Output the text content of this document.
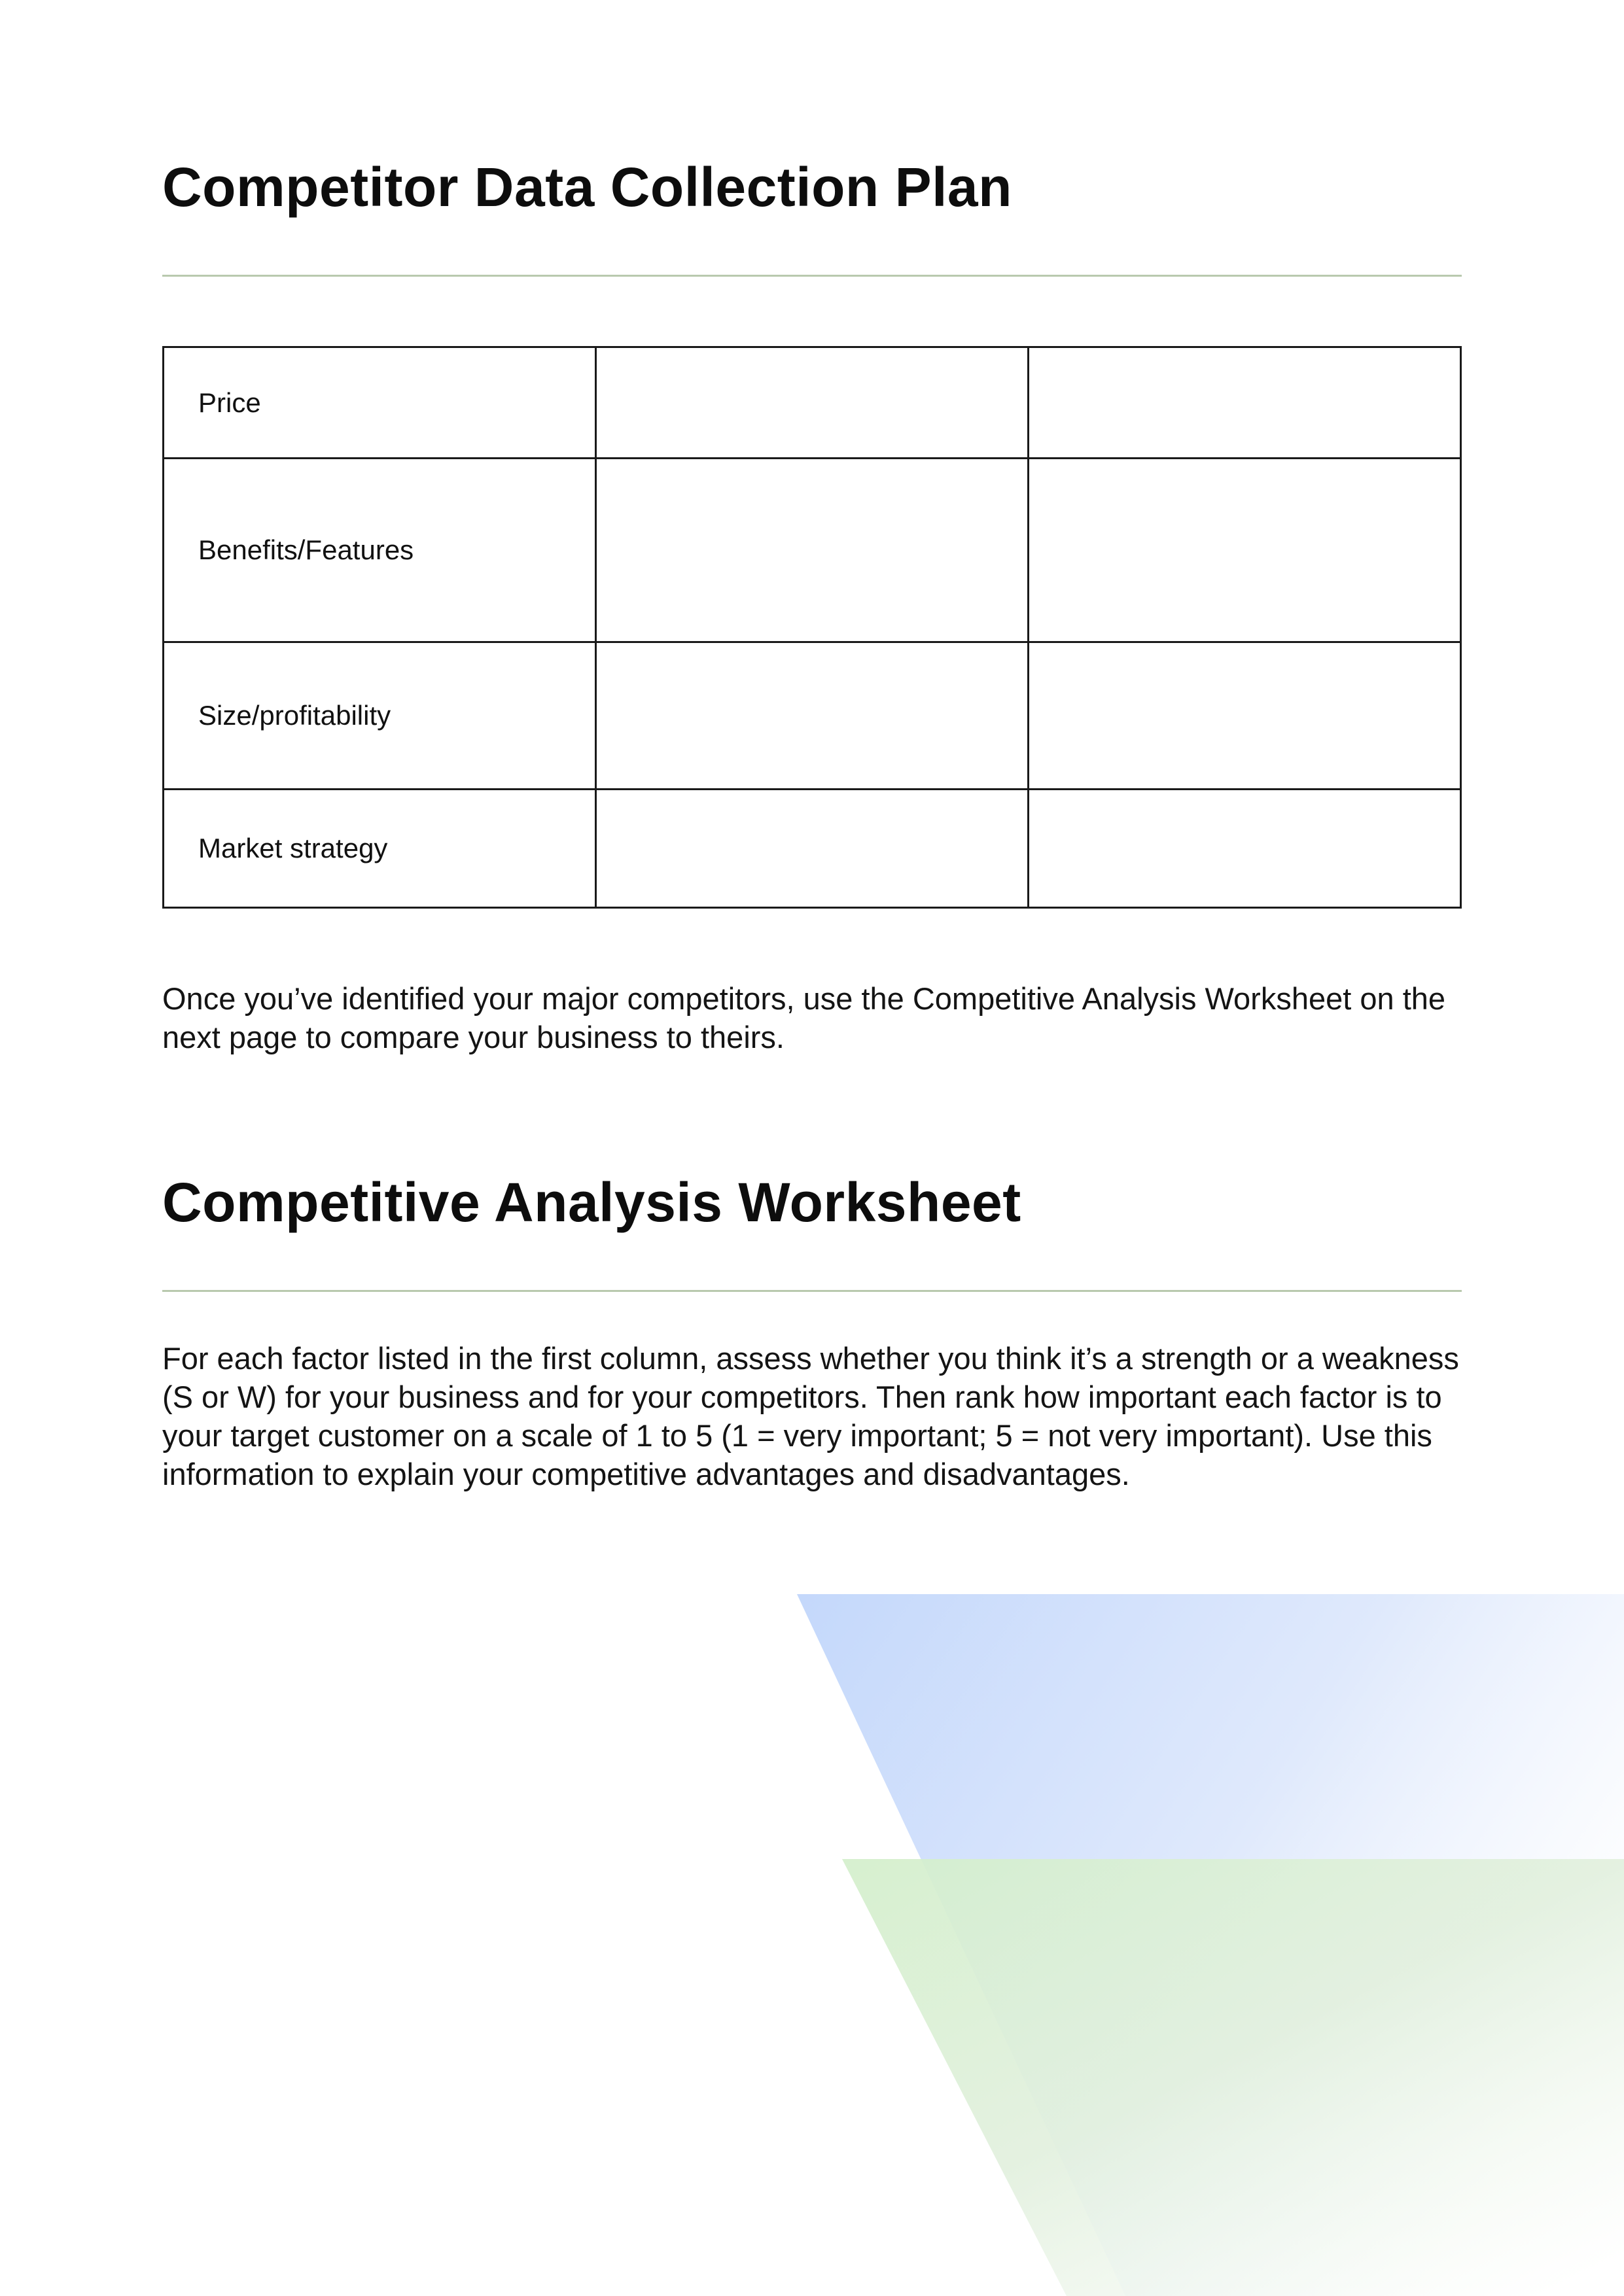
Competitor Data Collection Plan
Price		
Benefits/Features		
Size/profitability		
Market strategy		

Once you’ve identified your major competitors, use the Competitive Analysis Worksheet on the next page to compare your business to theirs.

Competitive Analysis Worksheet

For each factor listed in the first column, assess whether you think it’s a strength or a weakness (S or W) for your business and for your competitors. Then rank how important each factor is to your target customer on a scale of 1 to 5 (1 = very important; 5 = not very important). Use this information to explain your competitive advantages and disadvantages.
